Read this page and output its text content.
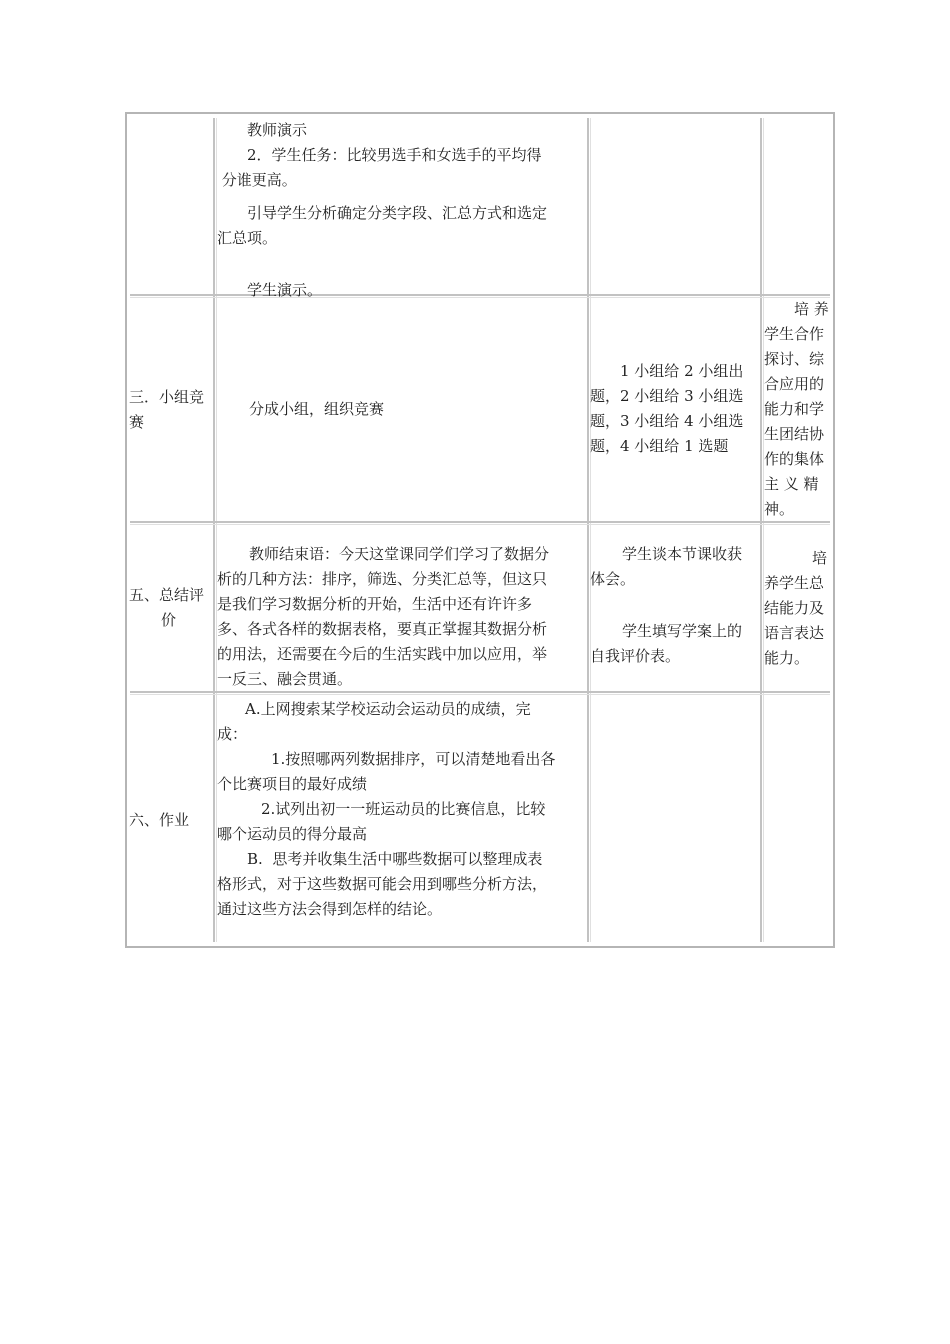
教师演示

2．学生任务：比较男选手和女选手的平均得

分谁更高。

引导学生分析确定分类字段、汇总方式和选定

汇总项。

学生演示。

三．小组竞

赛

分成小组，组织竞赛

1 小组给 2 小组出

题，2 小组给 3 小组选

题，3 小组给 4 小组选

题，4 小组给 1 选题

培 养

学生合作

探讨、综

合应用的

能力和学

生团结协

作的集体

主 义 精

神。

五、总结评

价

教师结束语：今天这堂课同学们学习了数据分

析的几种方法：排序，筛选、分类汇总等，但这只

是我们学习数据分析的开始，生活中还有许许多

多、各式各样的数据表格，要真正掌握其数据分析

的用法，还需要在今后的生活实践中加以应用，举

一反三、融会贯通。

学生谈本节课收获

体会。

学生填写学案上的

自我评价表。

培

养学生总

结能力及

语言表达

能力。

六、作业

A.上网搜索某学校运动会运动员的成绩，完

成：

1.按照哪两列数据排序，可以清楚地看出各

个比赛项目的最好成绩

2.试列出初一一班运动员的比赛信息，比较

哪个运动员的得分最高

B.  思考并收集生活中哪些数据可以整理成表

格形式，对于这些数据可能会用到哪些分析方法，

通过这些方法会得到怎样的结论。
